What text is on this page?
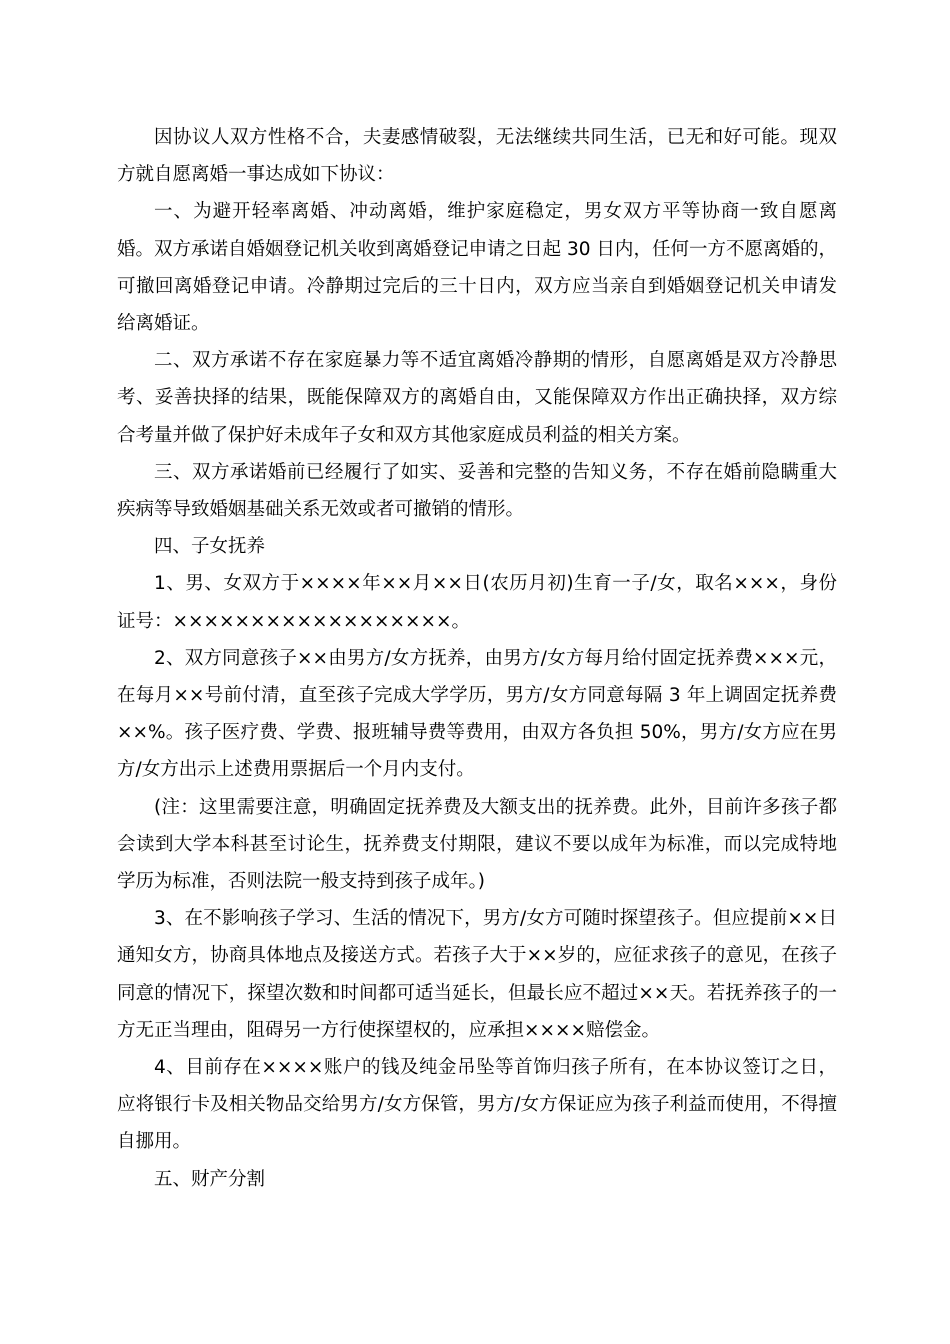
因协议人双方性格不合，夫妻感情破裂，无法继续共同生活，已无和好可能。现双方就自愿离婚一事达成如下协议：

一、为避开轻率离婚、冲动离婚，维护家庭稳定，男女双方平等协商一致自愿离婚。双方承诺自婚姻登记机关收到离婚登记申请之日起 30 日内，任何一方不愿离婚的，可撤回离婚登记申请。冷静期过完后的三十日内，双方应当亲自到婚姻登记机关申请发给离婚证。

二、双方承诺不存在家庭暴力等不适宜离婚冷静期的情形，自愿离婚是双方冷静思考、妥善抉择的结果，既能保障双方的离婚自由，又能保障双方作出正确抉择，双方综合考量并做了保护好未成年子女和双方其他家庭成员利益的相关方案。

三、双方承诺婚前已经履行了如实、妥善和完整的告知义务，不存在婚前隐瞒重大疾病等导致婚姻基础关系无效或者可撤销的情形。

四、子女抚养

1、男、女双方于××××年××月××日(农历月初)生育一子/女，取名×××，身份证号：××××××××××××××××××。

2、双方同意孩子××由男方/女方抚养，由男方/女方每月给付固定抚养费×××元，在每月××号前付清，直至孩子完成大学学历，男方/女方同意每隔 3 年上调固定抚养费××%。孩子医疗费、学费、报班辅导费等费用，由双方各负担 50%，男方/女方应在男方/女方出示上述费用票据后一个月内支付。

(注：这里需要注意，明确固定抚养费及大额支出的抚养费。此外，目前许多孩子都会读到大学本科甚至讨论生，抚养费支付期限，建议不要以成年为标准，而以完成特地学历为标准，否则法院一般支持到孩子成年。)

3、在不影响孩子学习、生活的情况下，男方/女方可随时探望孩子。但应提前××日通知女方，协商具体地点及接送方式。若孩子大于××岁的，应征求孩子的意见，在孩子同意的情况下，探望次数和时间都可适当延长，但最长应不超过××天。若抚养孩子的一方无正当理由，阻碍另一方行使探望权的，应承担××××赔偿金。

4、目前存在××××账户的钱及纯金吊坠等首饰归孩子所有，在本协议签订之日，应将银行卡及相关物品交给男方/女方保管，男方/女方保证应为孩子利益而使用，不得擅自挪用。

五、财产分割
